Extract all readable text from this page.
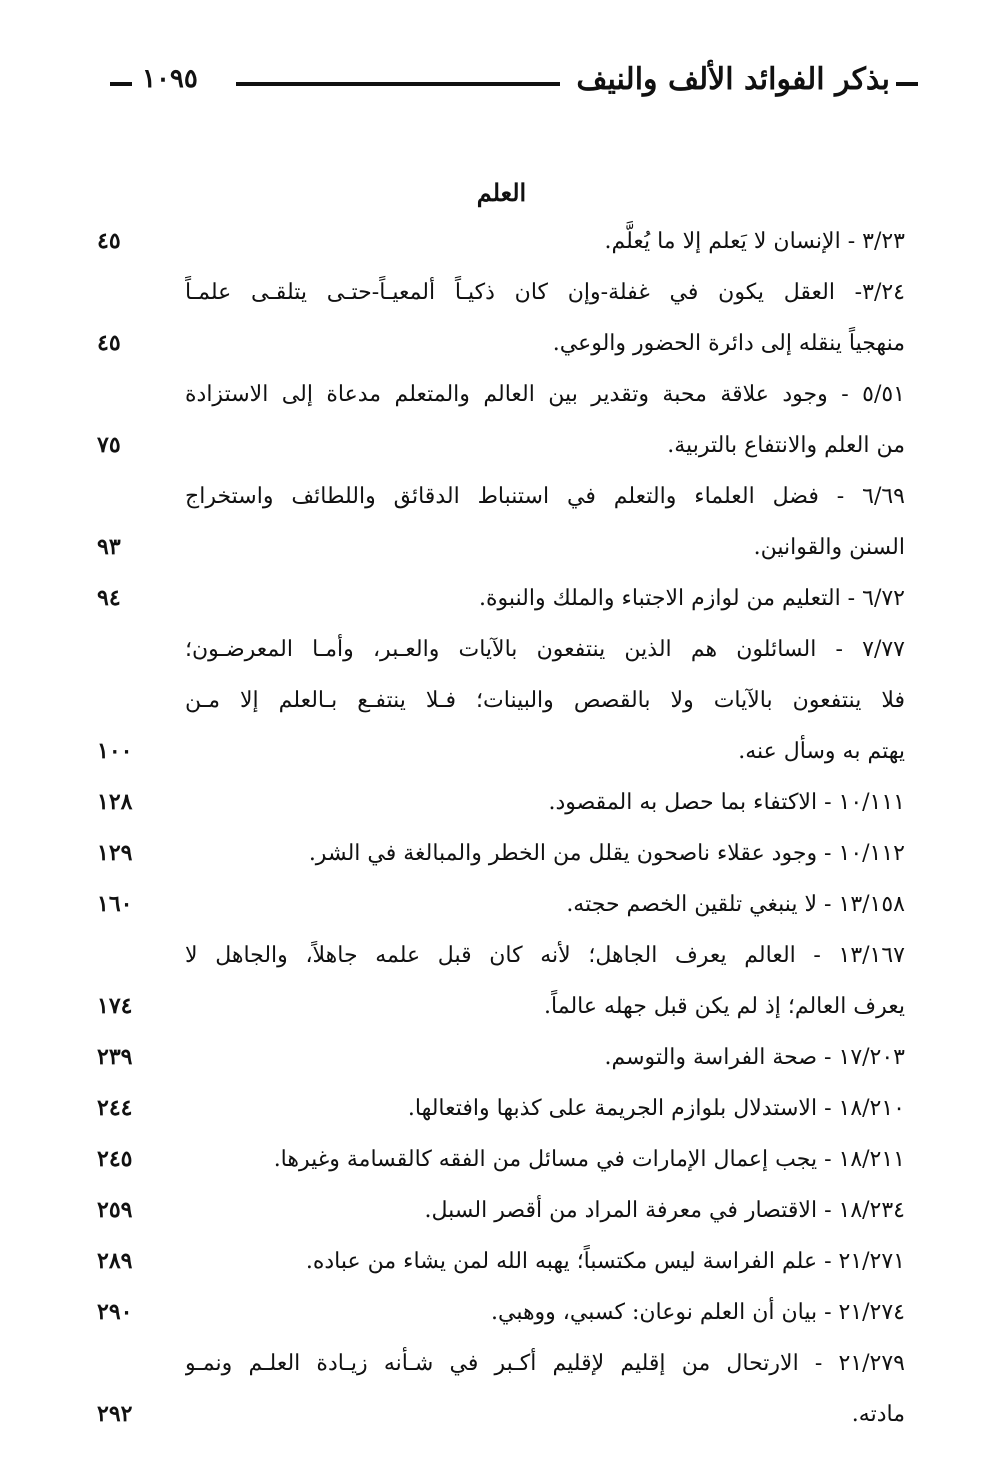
بذكر الفوائد الألف والنيف
١٠٩٥
العلم
٣/٢٣ - الإنسان لا يَعلم إلا ما يُعلَّم.
٤٥
٣/٢٤- العقل يكون في غفلة-وإن كان ذكيـاً ألمعيـاً-حتـى يتلقـى علمـاً
منهجياً ينقله إلى دائرة الحضور والوعي.
٤٥
٥/٥١ - وجود علاقة محبة وتقدير بين العالم والمتعلم مدعاة إلى الاستزادة
من العلم والانتفاع بالتربية.
٧٥
٦/٦٩ - فضل العلماء والتعلم في استنباط الدقائق واللطائف واستخراج
السنن والقوانين.
٩٣
٦/٧٢ - التعليم من لوازم الاجتباء والملك والنبوة.
٩٤
٧/٧٧ - السائلون هم الذين ينتفعون بالآيات والعـبر، وأمـا المعرضـون؛
فلا ينتفعون بالآيات ولا بالقصص والبينات؛ فـلا ينتفـع بـالعلم إلا مـن
يهتم به وسأل عنه.
١٠٠
١٠/١١١ - الاكتفاء بما حصل به المقصود.
١٢٨
١٠/١١٢ - وجود عقلاء ناصحون يقلل من الخطر والمبالغة في الشر.
١٢٩
١٣/١٥٨ - لا ينبغي تلقين الخصم حجته.
١٦٠
١٣/١٦٧ - العالم يعرف الجاهل؛ لأنه كان قبل علمه جاهلاً، والجاهل لا
يعرف العالم؛ إذ لم يكن قبل جهله عالماً.
١٧٤
١٧/٢٠٣ - صحة الفراسة والتوسم.
٢٣٩
١٨/٢١٠ - الاستدلال بلوازم الجريمة على كذبها وافتعالها.
٢٤٤
١٨/٢١١ - يجب إعمال الإمارات في مسائل من الفقه كالقسامة وغيرها.
٢٤٥
١٨/٢٣٤ - الاقتصار في معرفة المراد من أقصر السبل.
٢٥٩
٢١/٢٧١ - علم الفراسة ليس مكتسباً؛ يهبه الله لمن يشاء من عباده.
٢٨٩
٢١/٢٧٤ - بيان أن العلم نوعان: كسبي، ووهبي.
٢٩٠
٢١/٢٧٩ - الارتحال من إقليم لإقليم أكـبر في شـأنه زيـادة العلـم ونمـو
مادته.
٢٩٢
